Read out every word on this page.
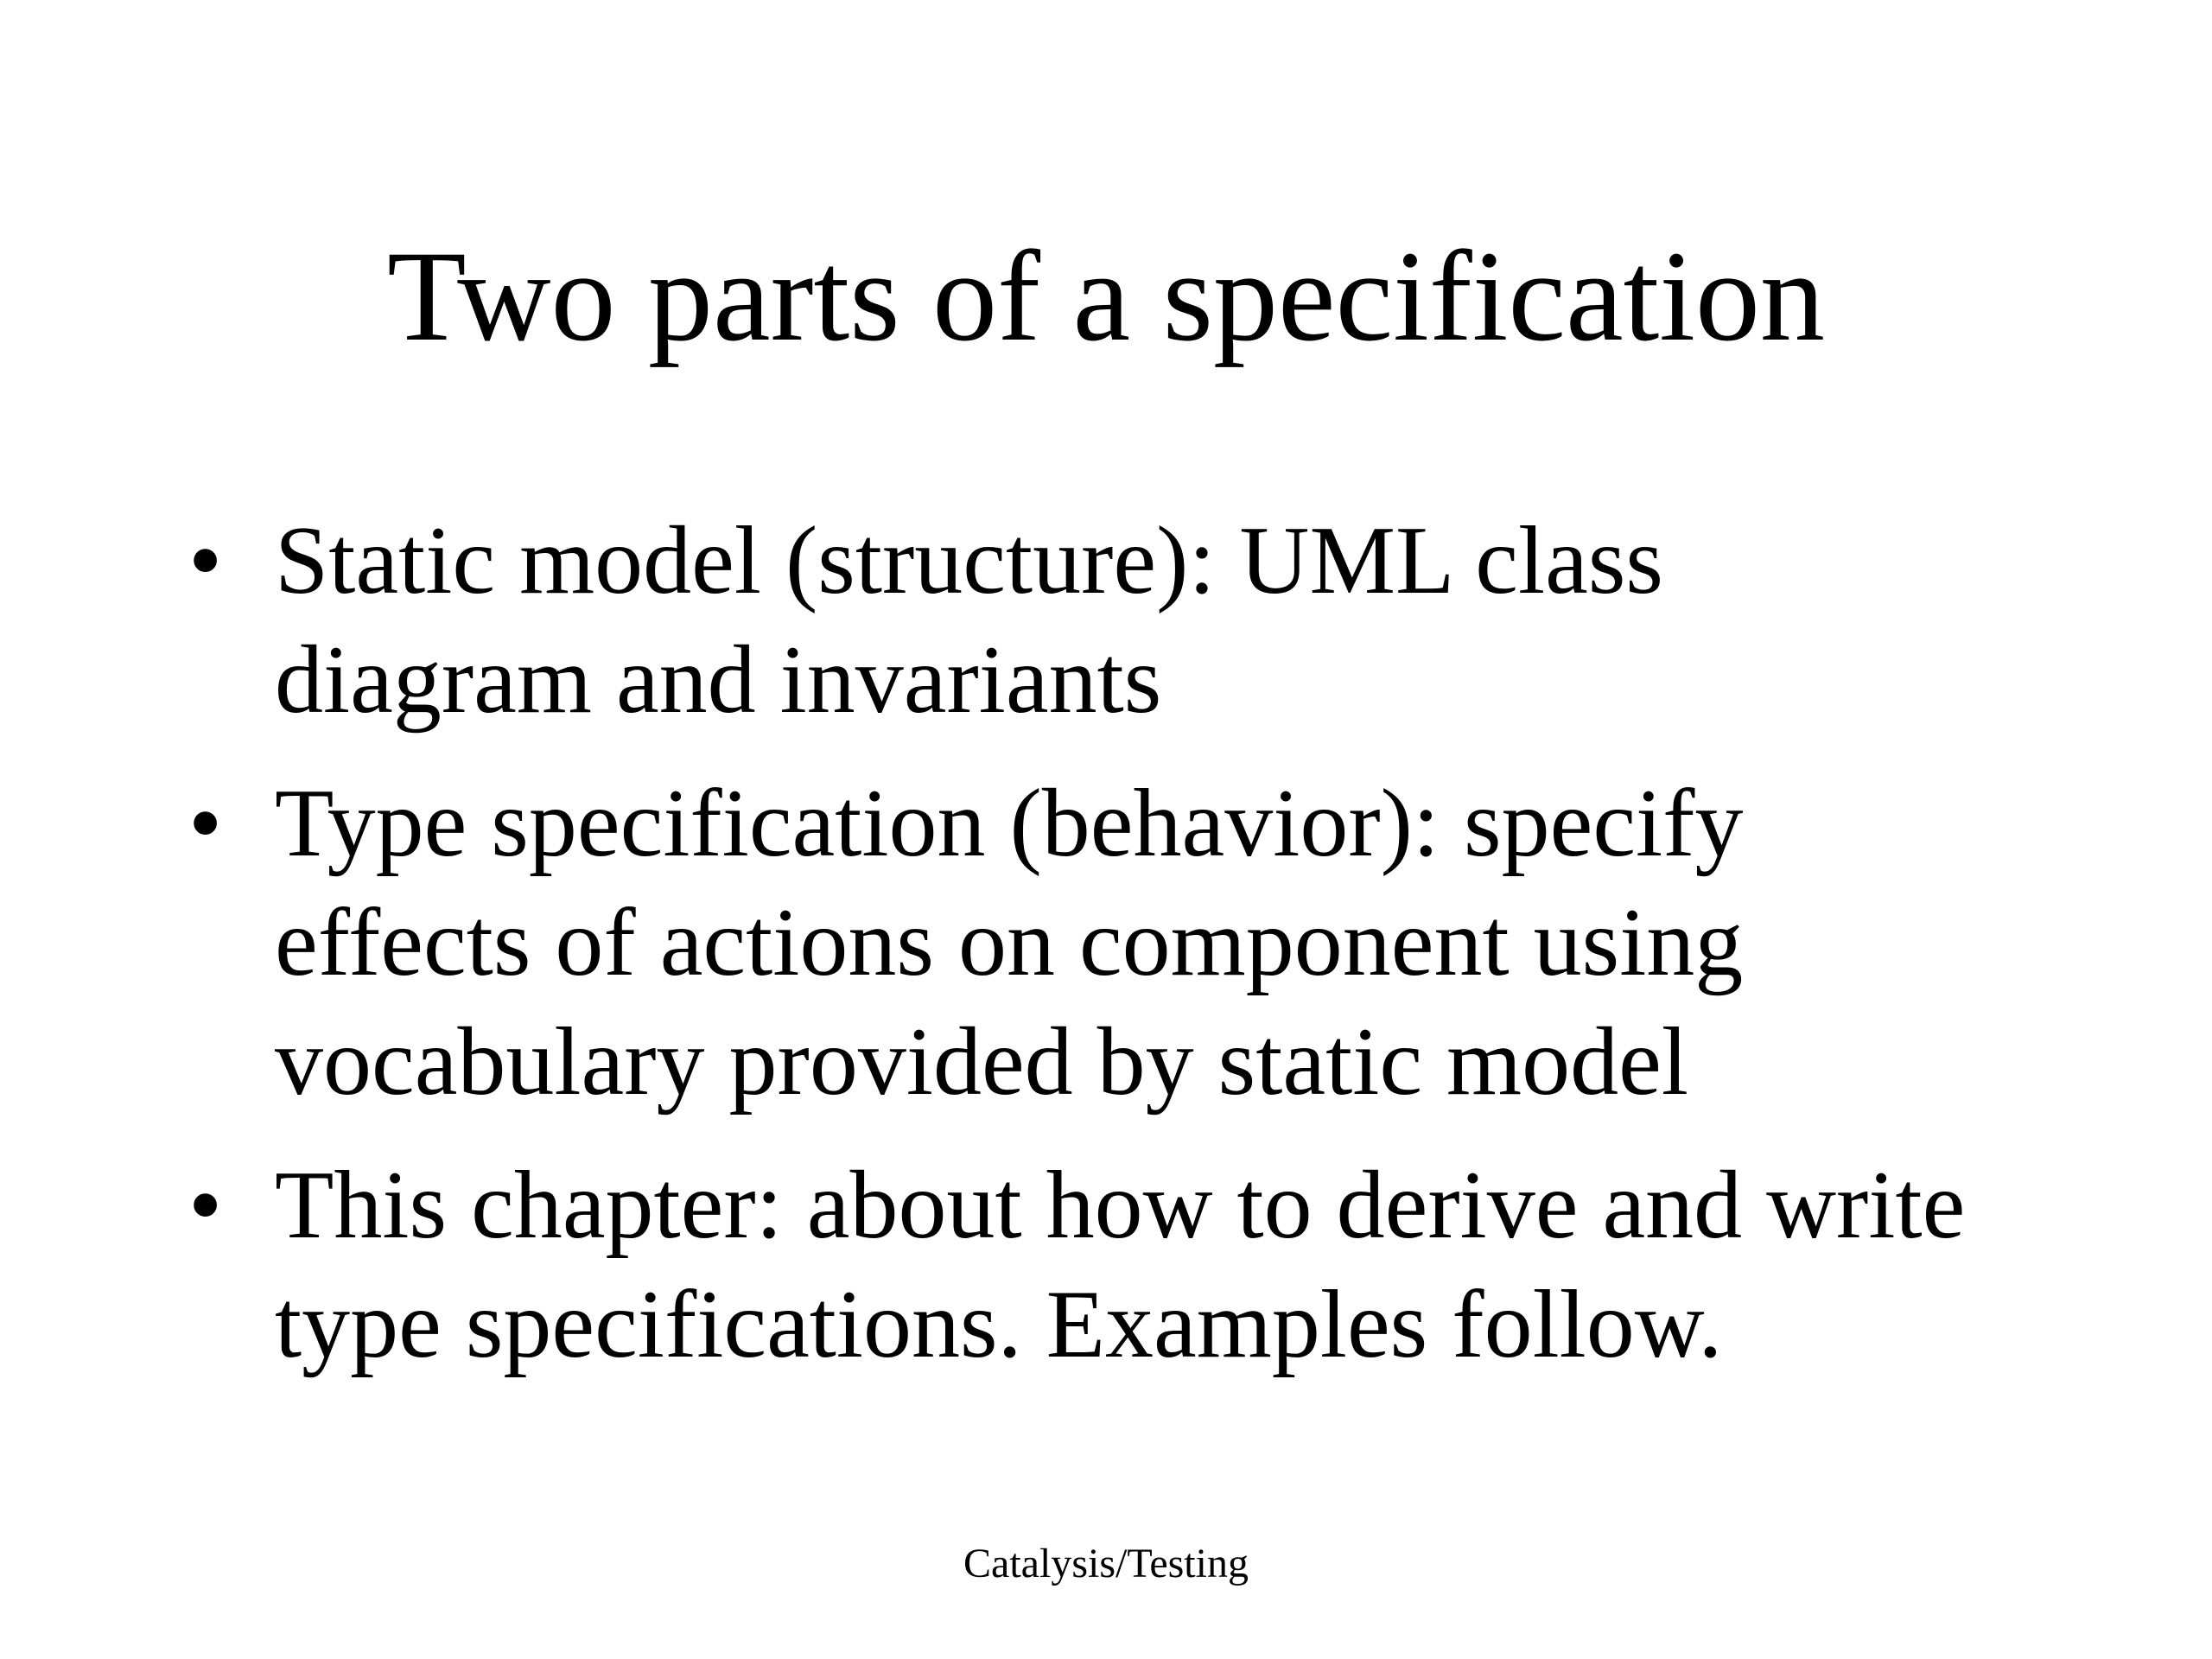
Two parts of a specification
• Static model (structure): UML class
diagram and invariants
• Type specification (behavior): specify
effects of actions on component using
vocabulary provided by static model
• This chapter: about how to derive and write
type specifications. Examples follow.
Catalysis/Testing
